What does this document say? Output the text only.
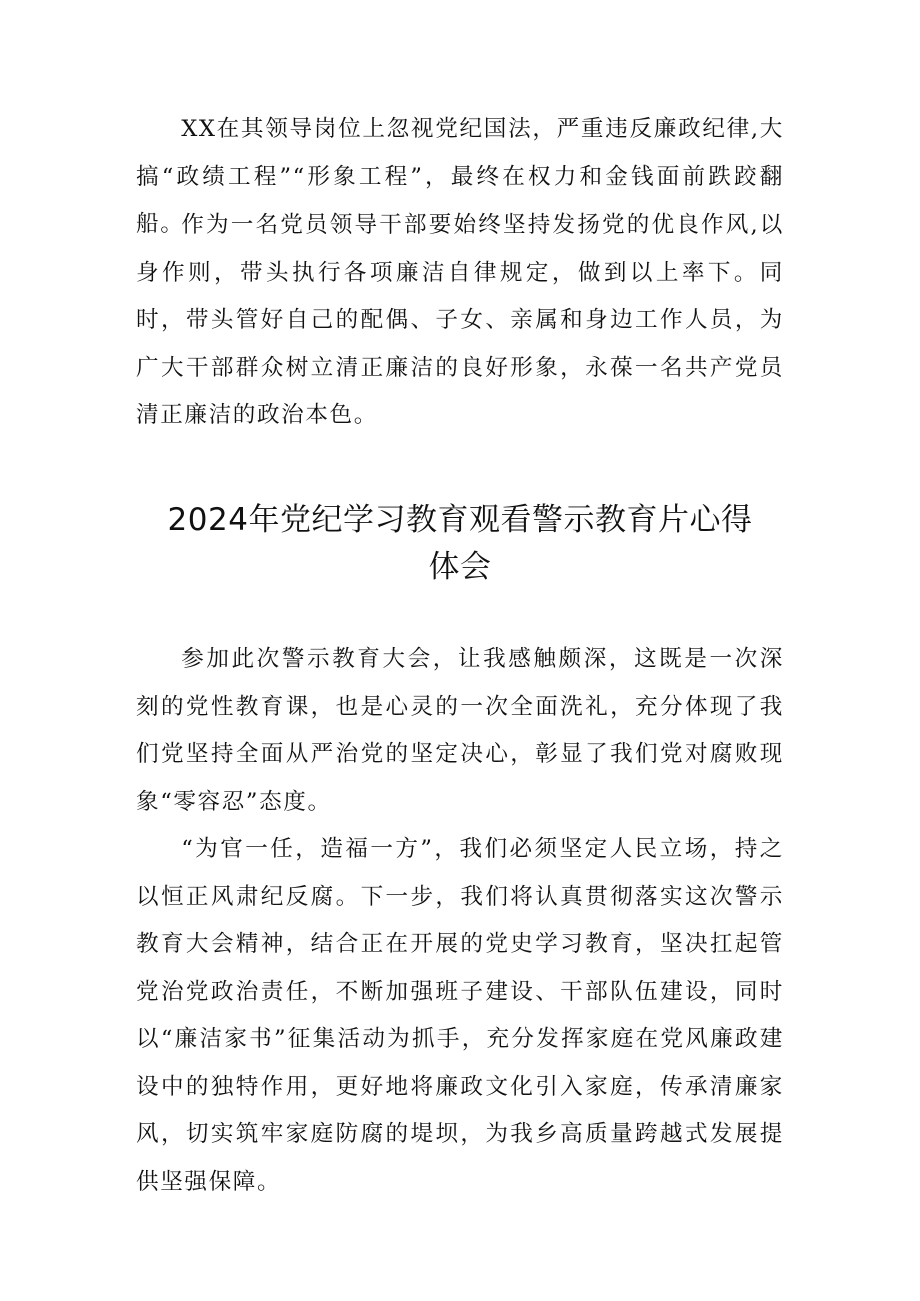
XX在其领导岗位上忽视党纪国法，严重违反廉政纪律,大搞“政绩工程”“形象工程”，最终在权力和金钱面前跌跤翻船。

作为一名党员领导干部要始终坚持发扬党的优良作风,以身作则，带头执行各项廉洁自律规定，做到以上率下。同时，带头管好自己的配偶、子女、亲属和身边工作人员，为广大干部群众树立清正廉洁的良好形象，永葆一名共产党员清正廉洁的政治本色。

2024年党纪学习教育观看警示教育片心得
体会

参加此次警示教育大会，让我感触颇深，这既是一次深刻的党性教育课，也是心灵的一次全面洗礼，充分体现了我们党坚持全面从严治党的坚定决心，彰显了我们党对腐败现象“零容忍”态度。

“为官一任，造福一方”，我们必须坚定人民立场，持之以恒正风肃纪反腐。下一步，我们将认真贯彻落实这次警示教育大会精神，结合正在开展的党史学习教育，坚决扛起管党治党政治责任，不断加强班子建设、干部队伍建设，同时以“廉洁家书”征集活动为抓手，充分发挥家庭在党风廉政建设中的独特作用，更好地将廉政文化引入家庭，传承清廉家风，切实筑牢家庭防腐的堤坝，为我乡高质量跨越式发展提供坚强保障。
